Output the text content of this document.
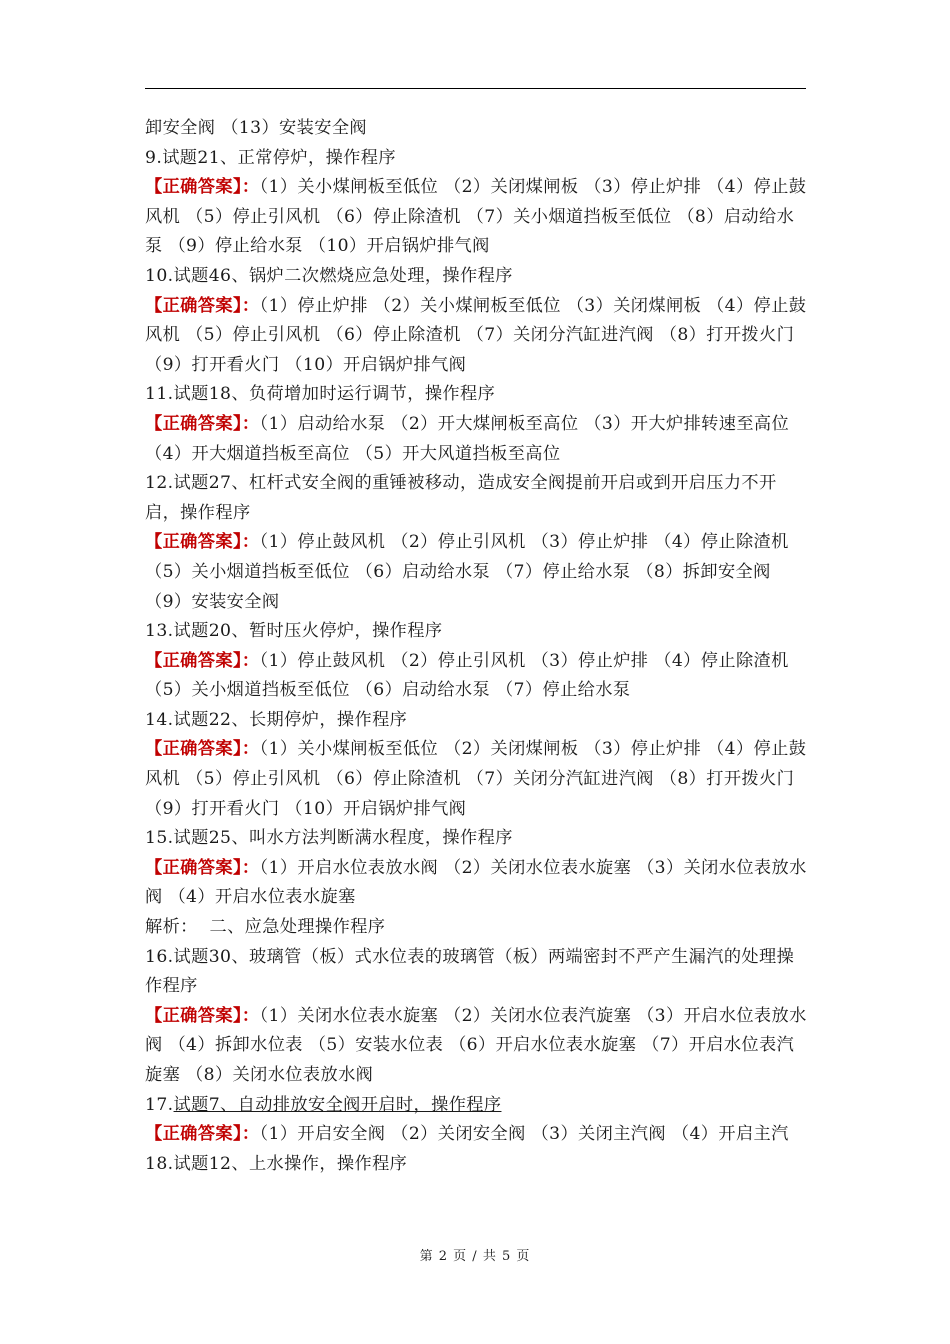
卸安全阀 （13）安装安全阀

9.试题21、正常停炉，操作程序

【正确答案】：（1）关小煤闸板至低位 （2）关闭煤闸板 （3）停止炉排 （4）停止鼓风机 （5）停止引风机 （6）停止除渣机 （7）关小烟道挡板至低位 （8）启动给水泵 （9）停止给水泵 （10）开启锅炉排气阀

10.试题46、锅炉二次燃烧应急处理，操作程序

【正确答案】：（1）停止炉排 （2）关小煤闸板至低位 （3）关闭煤闸板 （4）停止鼓风机 （5）停止引风机 （6）停止除渣机 （7）关闭分汽缸进汽阀 （8）打开拨火门 （9）打开看火门 （10）开启锅炉排气阀

11.试题18、负荷增加时运行调节，操作程序

【正确答案】：（1）启动给水泵 （2）开大煤闸板至高位 （3）开大炉排转速至高位 （4）开大烟道挡板至高位 （5）开大风道挡板至高位

12.试题27、杠杆式安全阀的重锤被移动，造成安全阀提前开启或到开启压力不开启，操作程序

【正确答案】：（1）停止鼓风机 （2）停止引风机 （3）停止炉排 （4）停止除渣机 （5）关小烟道挡板至低位 （6）启动给水泵 （7）停止给水泵 （8）拆卸安全阀 （9）安装安全阀

13.试题20、暂时压火停炉，操作程序

【正确答案】：（1）停止鼓风机 （2）停止引风机 （3）停止炉排 （4）停止除渣机 （5）关小烟道挡板至低位 （6）启动给水泵 （7）停止给水泵

14.试题22、长期停炉，操作程序

【正确答案】：（1）关小煤闸板至低位 （2）关闭煤闸板 （3）停止炉排 （4）停止鼓风机 （5）停止引风机 （6）停止除渣机 （7）关闭分汽缸进汽阀 （8）打开拨火门 （9）打开看火门 （10）开启锅炉排气阀

15.试题25、叫水方法判断满水程度，操作程序

【正确答案】：（1）开启水位表放水阀 （2）关闭水位表水旋塞 （3）关闭水位表放水阀 （4）开启水位表水旋塞

解析：  二、应急处理操作程序

16.试题30、玻璃管（板）式水位表的玻璃管（板）两端密封不严产生漏汽的处理操作程序

【正确答案】：（1）关闭水位表水旋塞 （2）关闭水位表汽旋塞 （3）开启水位表放水阀 （4）拆卸水位表 （5）安装水位表 （6）开启水位表水旋塞 （7）开启水位表汽旋塞 （8）关闭水位表放水阀

17.试题7、自动排放安全阀开启时，操作程序

【正确答案】：（1）开启安全阀 （2）关闭安全阀 （3）关闭主汽阀 （4）开启主汽

18.试题12、上水操作，操作程序

第 2 页 / 共 5 页
